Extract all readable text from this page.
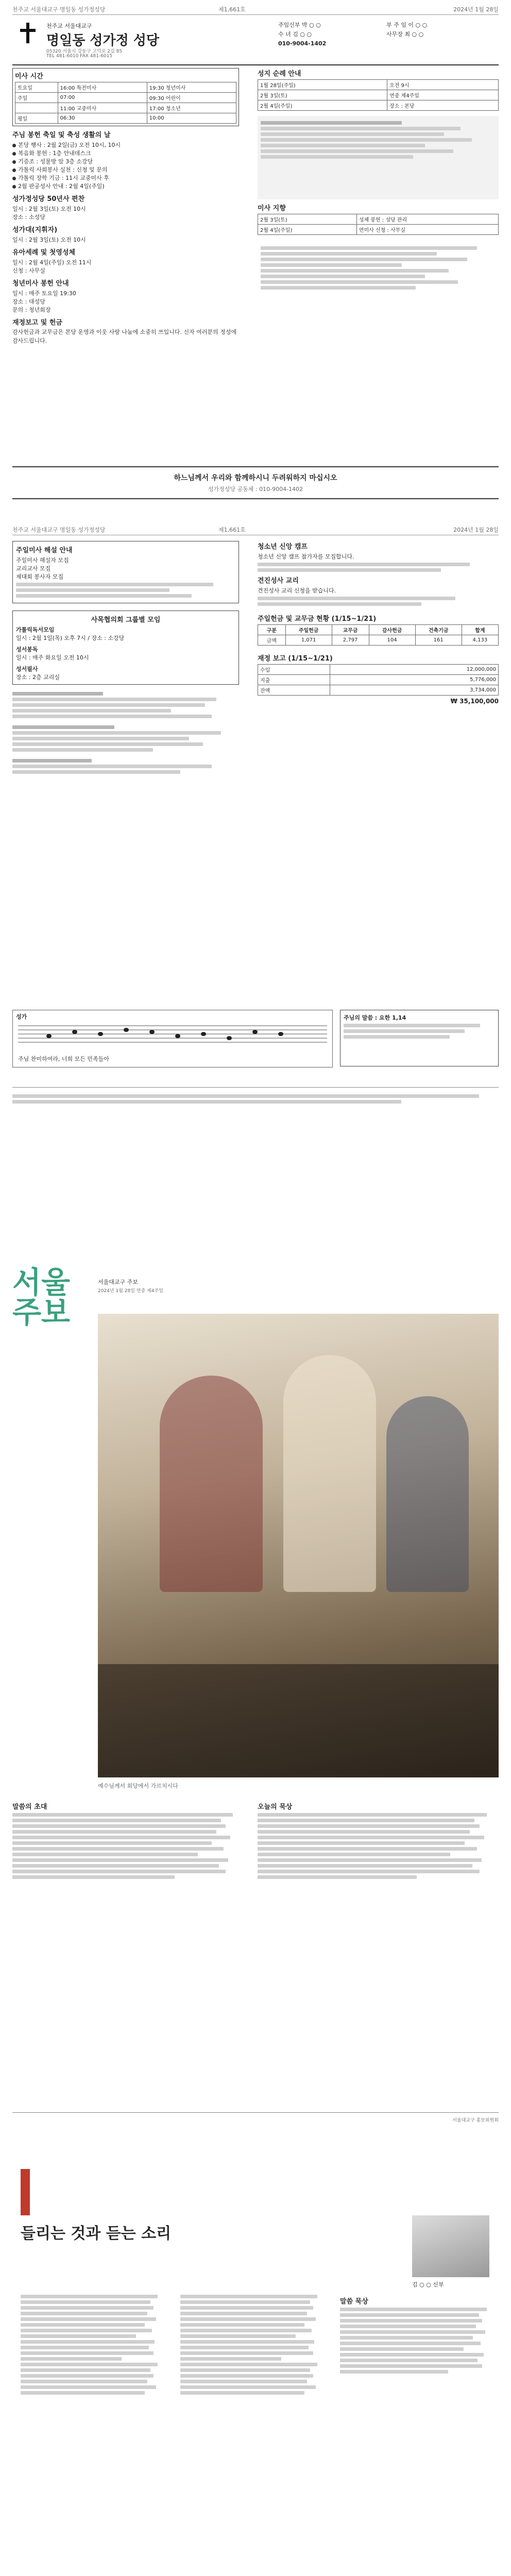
천주교 서울대교구 명일동 성가정성당	제1,661호	2024년 1월 28일
천주교 서울대교구
명일동 성가정 성당
05320 서울시 강동구 고덕로 2길 85
TEL 481-6010 FAX 481-6015
주임신부 박 ○ ○	부 주 임 이 ○ ○
수 녀 김 ○ ○	사무장 최 ○ ○
010-9004-1402
미사 시간
토요일	16:00 특전미사	19:30 청년미사
주일	07:00	09:30 어린이
	11:00 교중미사	17:00 청소년
평일	06:30	10:00
주님 봉헌 축일 및 축성 생활의 날
본당 행사 : 2월 2일(금) 오전 10시, 10시
복음화 봉헌 : 1층 안내데스크
기증조 : 성물방 앞 3층 소강당
가톨릭 사회봉사 실천 : 신청 및 문의
가톨릭 장학 기금 : 11시 교중미사 후
2월 판공성사 안내 : 2월 4일(주일)
성가정성당 50년사 편찬
일시 : 2월 3일(토) 오전 10시
장소 : 소성당
성가대(지휘자)
일시 : 2월 3일(토) 오전 10시
유아세례 및 첫영성체
일시 : 2월 4일(주일) 오전 11시
신청 : 사무실
청년미사 봉헌 안내
일시 : 매주 토요일 19:30
장소 : 대성당
문의 : 청년회장
재정보고 및 헌금
감사헌금과 교무금은 본당 운영과 이웃 사랑 나눔에 소중히 쓰입니다. 신자 여러분의 정성에 감사드립니다.
성지 순례 안내
1월 28일(주일)	오전 9시
2월 3일(토)	연중 제4주일
2월 4일(주일)	장소 : 본당
미사 지향
2월 3일(토)	성체 봉헌 : 성당 관리
2월 4일(주일)	연미사 신청 : 사무실
하느님께서 우리와 함께하시니 두려워하지 마십시오
성가정성당 공동체 : 010-9004-1402
천주교 서울대교구 명일동 성가정성당	제1,661호	2024년 1월 28일
주일미사 해설 안내
주일미사 해설자 모집
교리교사 모집
제대회 봉사자 모집
사목협의회 그룹별 모임
가톨릭독서모임
일시 : 2월 1일(목) 오후 7시 / 장소 : 소강당
성서봉독
일시 : 매주 화요일 오전 10시
성서필사
장소 : 2층 교리실
청소년 신앙 캠프
청소년 신앙 캠프 참가자를 모집합니다.
견진성사 교리
견진성사 교리 신청을 받습니다.
주일헌금 및 교무금 현황 (1/15~1/21)
구분	주일헌금	교무금	감사헌금	건축기금	합계
금액	1,071	2,797	104	161	4,133
재정 보고 (1/15~1/21)
수입	12,000,000
지출	5,776,000
잔액	3,734,000
₩ 35,100,000
성가
주님 찬미하여라, 너희 모든 민족들아
주님의 말씀 : 요한 1,14
서울주보
서울대교구 주보
2024년 1월 28일 연중 제4주일
예수님께서 회당에서 가르치시다
말씀의 초대	오늘의 묵상
서울대교구 홍보위원회
들리는 것과 듣는 소리
김 ○ ○ 신부
말씀 묵상
